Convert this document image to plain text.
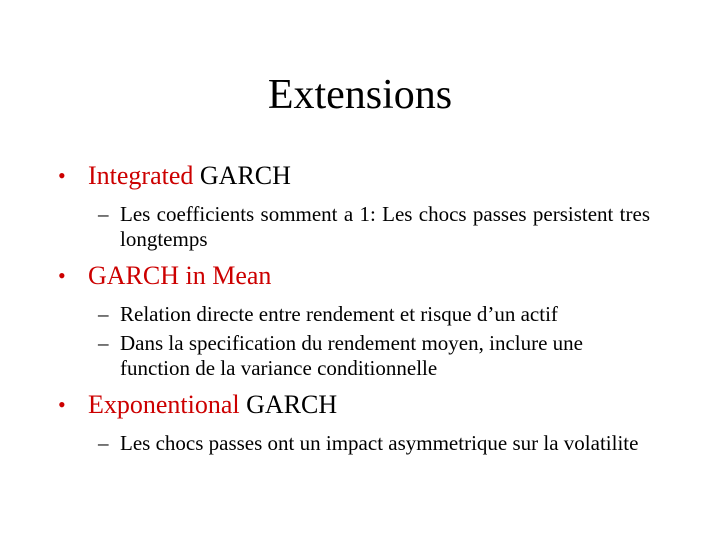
Extensions
• Integrated GARCH
– Les coefficients somment a 1: Les chocs passes persistent tres longtemps
• GARCH in Mean
– Relation directe entre rendement et risque d’un actif
– Dans la specification du rendement moyen, inclure une function de la variance conditionnelle
• Exponentional GARCH
– Les chocs passes ont un impact asymmetrique sur la volatilite
